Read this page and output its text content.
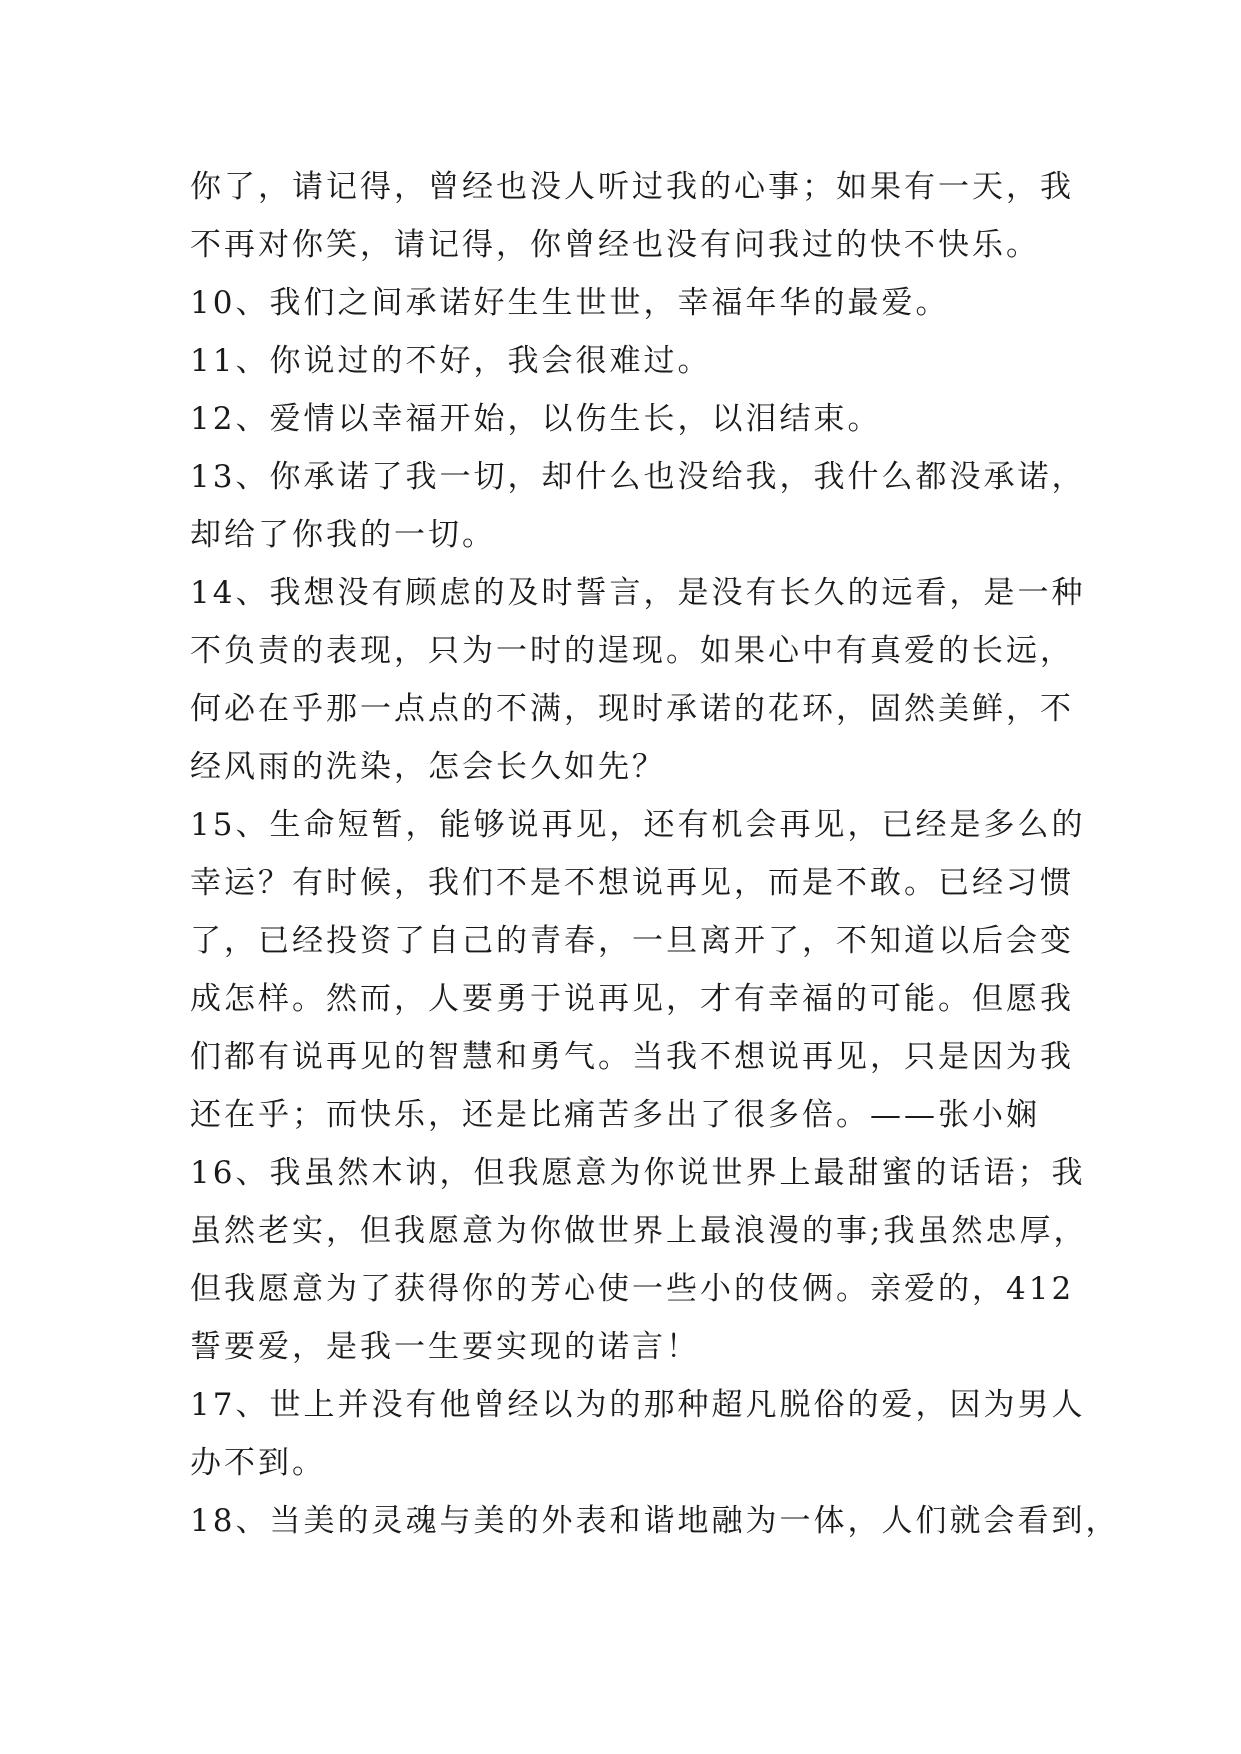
你了，请记得，曾经也没人听过我的心事；如果有一天，我
不再对你笑，请记得，你曾经也没有问我过的快不快乐。

10、我们之间承诺好生生世世，幸福年华的最爱。

11、你说过的不好，我会很难过。

12、爱情以幸福开始，以伤生长，以泪结束。

13、你承诺了我一切，却什么也没给我，我什么都没承诺，
却给了你我的一切。

14、我想没有顾虑的及时誓言，是没有长久的远看，是一种
不负责的表现，只为一时的逞现。如果心中有真爱的长远，
何必在乎那一点点的不满，现时承诺的花环，固然美鲜，不
经风雨的洗染，怎会长久如先？

15、生命短暂，能够说再见，还有机会再见，已经是多么的
幸运？有时候，我们不是不想说再见，而是不敢。已经习惯
了，已经投资了自己的青春，一旦离开了，不知道以后会变
成怎样。然而，人要勇于说再见，才有幸福的可能。但愿我
们都有说再见的智慧和勇气。当我不想说再见，只是因为我
还在乎；而快乐，还是比痛苦多出了很多倍。——张小娴

16、我虽然木讷，但我愿意为你说世界上最甜蜜的话语；我
虽然老实，但我愿意为你做世界上最浪漫的事;我虽然忠厚，
但我愿意为了获得你的芳心使一些小的伎俩。亲爱的，412
誓要爱，是我一生要实现的诺言！

17、世上并没有他曾经以为的那种超凡脱俗的爱，因为男人
办不到。

18、当美的灵魂与美的外表和谐地融为一体，人们就会看到，
